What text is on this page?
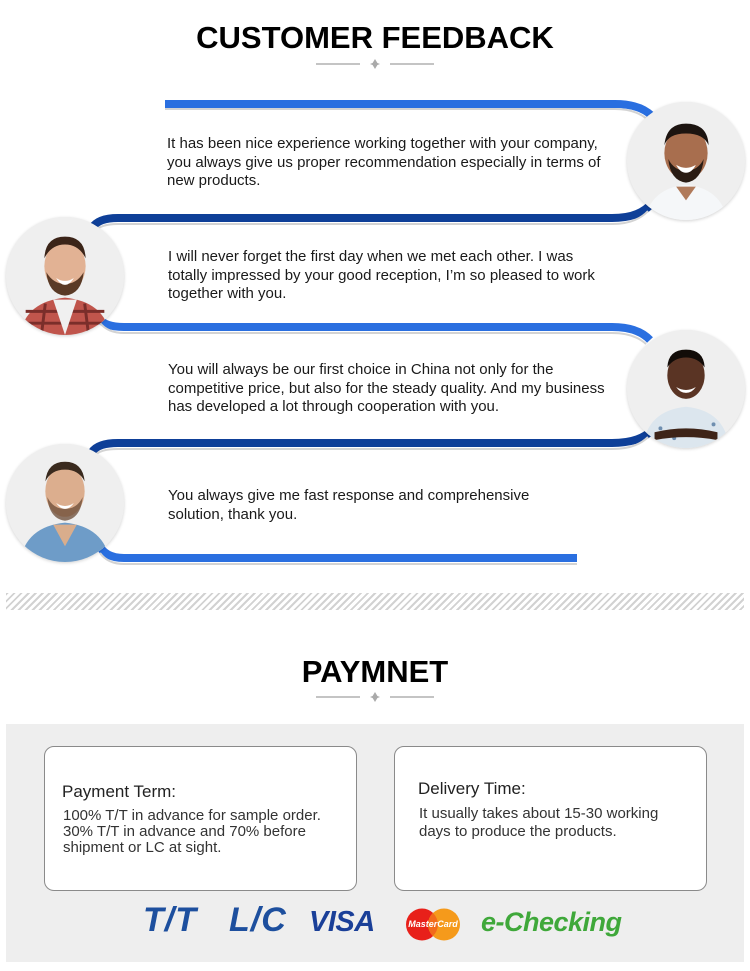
CUSTOMER FEEDBACK

It has been nice experience working together with your company, you always give us proper recommendation especially in terms of new products.

I will never forget the first day when we met each other. I was totally impressed by your good reception, I’m so pleased to work together with you.

You will always be our first choice in China not only for the competitive price, but also for the steady quality. And my business has developed a lot through cooperation with you.

You always give me fast response and comprehensive solution, thank you.

PAYMNET
Payment Term:
100% T/T in advance for sample order. 30% T/T in advance and 70% before shipment or LC at sight.
Delivery Time:
It usually takes about 15-30 working days to produce the products.
T/T L/C VISA	MasterCard e-Checking
